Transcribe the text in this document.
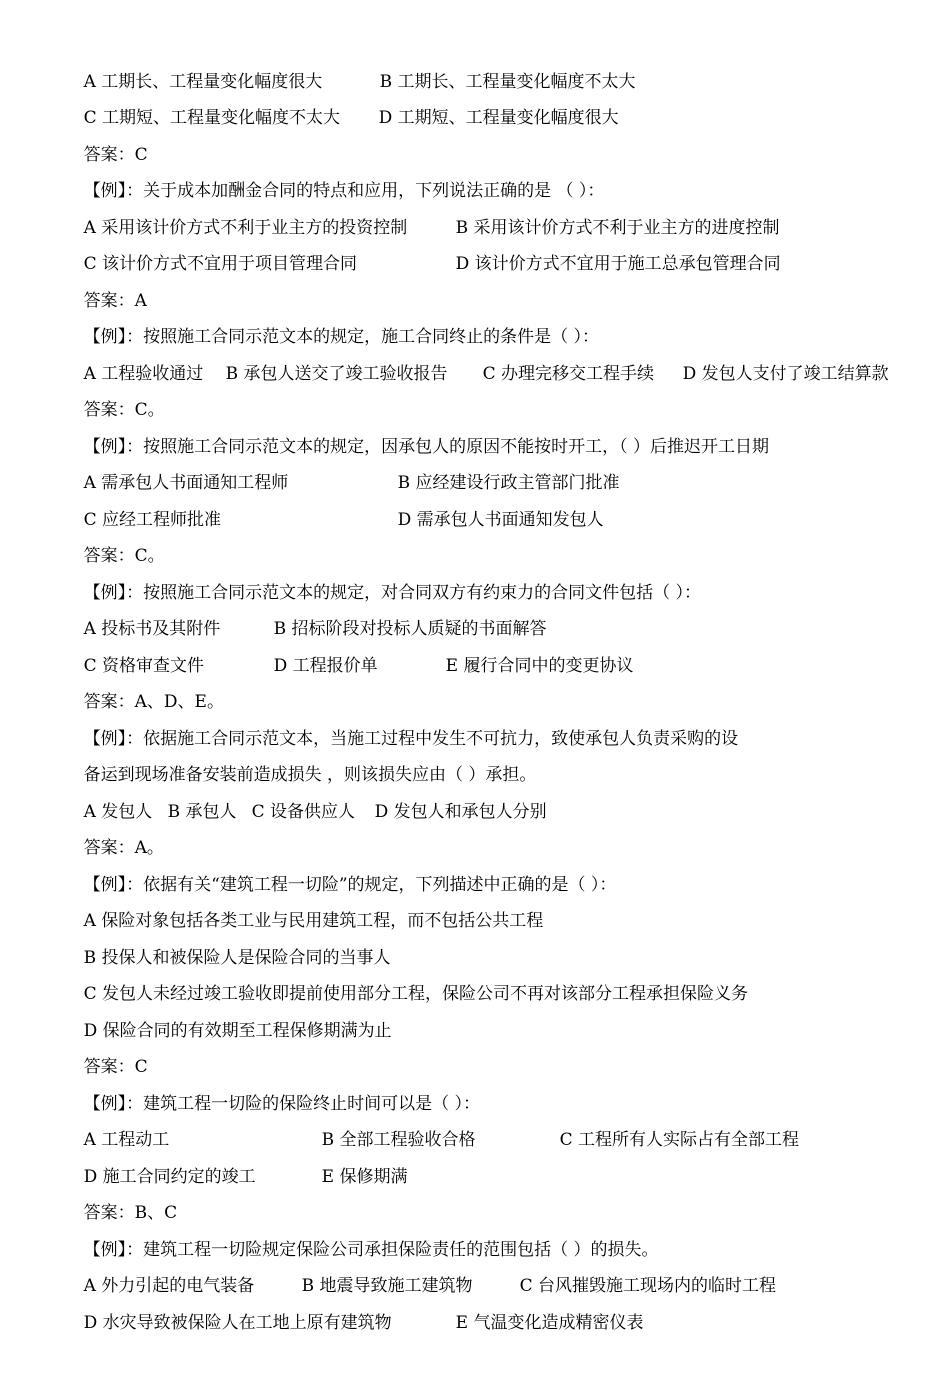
A 工期长、工程量变化幅度很大	B 工期长、工程量变化幅度不太大

C 工期短、工程量变化幅度不太大 D 工期短、工程量变化幅度很大

答案：C

【例】：关于成本加酬金合同的特点和应用，下列说法正确的是 （ ）：

A 采用该计价方式不利于业主方的投资控制	B 采用该计价方式不利于业主方的进度控制

C 该计价方式不宜用于项目管理合同	D 该计价方式不宜用于施工总承包管理合同

答案：A

【例】：按照施工合同示范文本的规定，施工合同终止的条件是（ ）：

A 工程验收通过 B 承包人送交了竣工验收报告 C 办理完移交工程手续 D 发包人支付了竣工结算款

答案：C。

【例】：按照施工合同示范文本的规定，因承包人的原因不能按时开工，（ ）后推迟开工日期

A 需承包人书面通知工程师	B 应经建设行政主管部门批准

C 应经工程师批准	D 需承包人书面通知发包人

答案：C。

【例】：按照施工合同示范文本的规定，对合同双方有约束力的合同文件包括（ ）：

A 投标书及其附件	B 招标阶段对投标人质疑的书面解答

C 资格审查文件	D 工程报价单	E 履行合同中的变更协议

答案：A、D、E。

【例】：依据施工合同示范文本，当施工过程中发生不可抗力，致使承包人负责采购的设

备运到现场准备安装前造成损失 ，则该损失应由（ ）承担。

A 发包人 B 承包人 C 设备供应人 D 发包人和承包人分别

答案：A。

【例】：依据有关“建筑工程一切险”的规定，下列描述中正确的是（ ）：

A 保险对象包括各类工业与民用建筑工程，而不包括公共工程

B 投保人和被保险人是保险合同的当事人

C 发包人未经过竣工验收即提前使用部分工程，保险公司不再对该部分工程承担保险义务

D 保险合同的有效期至工程保修期满为止

答案：C

【例】：建筑工程一切险的保险终止时间可以是（ ）：

A 工程动工	B 全部工程验收合格	C 工程所有人实际占有全部工程

D 施工合同约定的竣工	E 保修期满

答案：B、C

【例】：建筑工程一切险规定保险公司承担保险责任的范围包括（ ）的损失。

A 外力引起的电气装备	B 地震导致施工建筑物	C 台风摧毁施工现场内的临时工程

D 水灾导致被保险人在工地上原有建筑物	E 气温变化造成精密仪表
